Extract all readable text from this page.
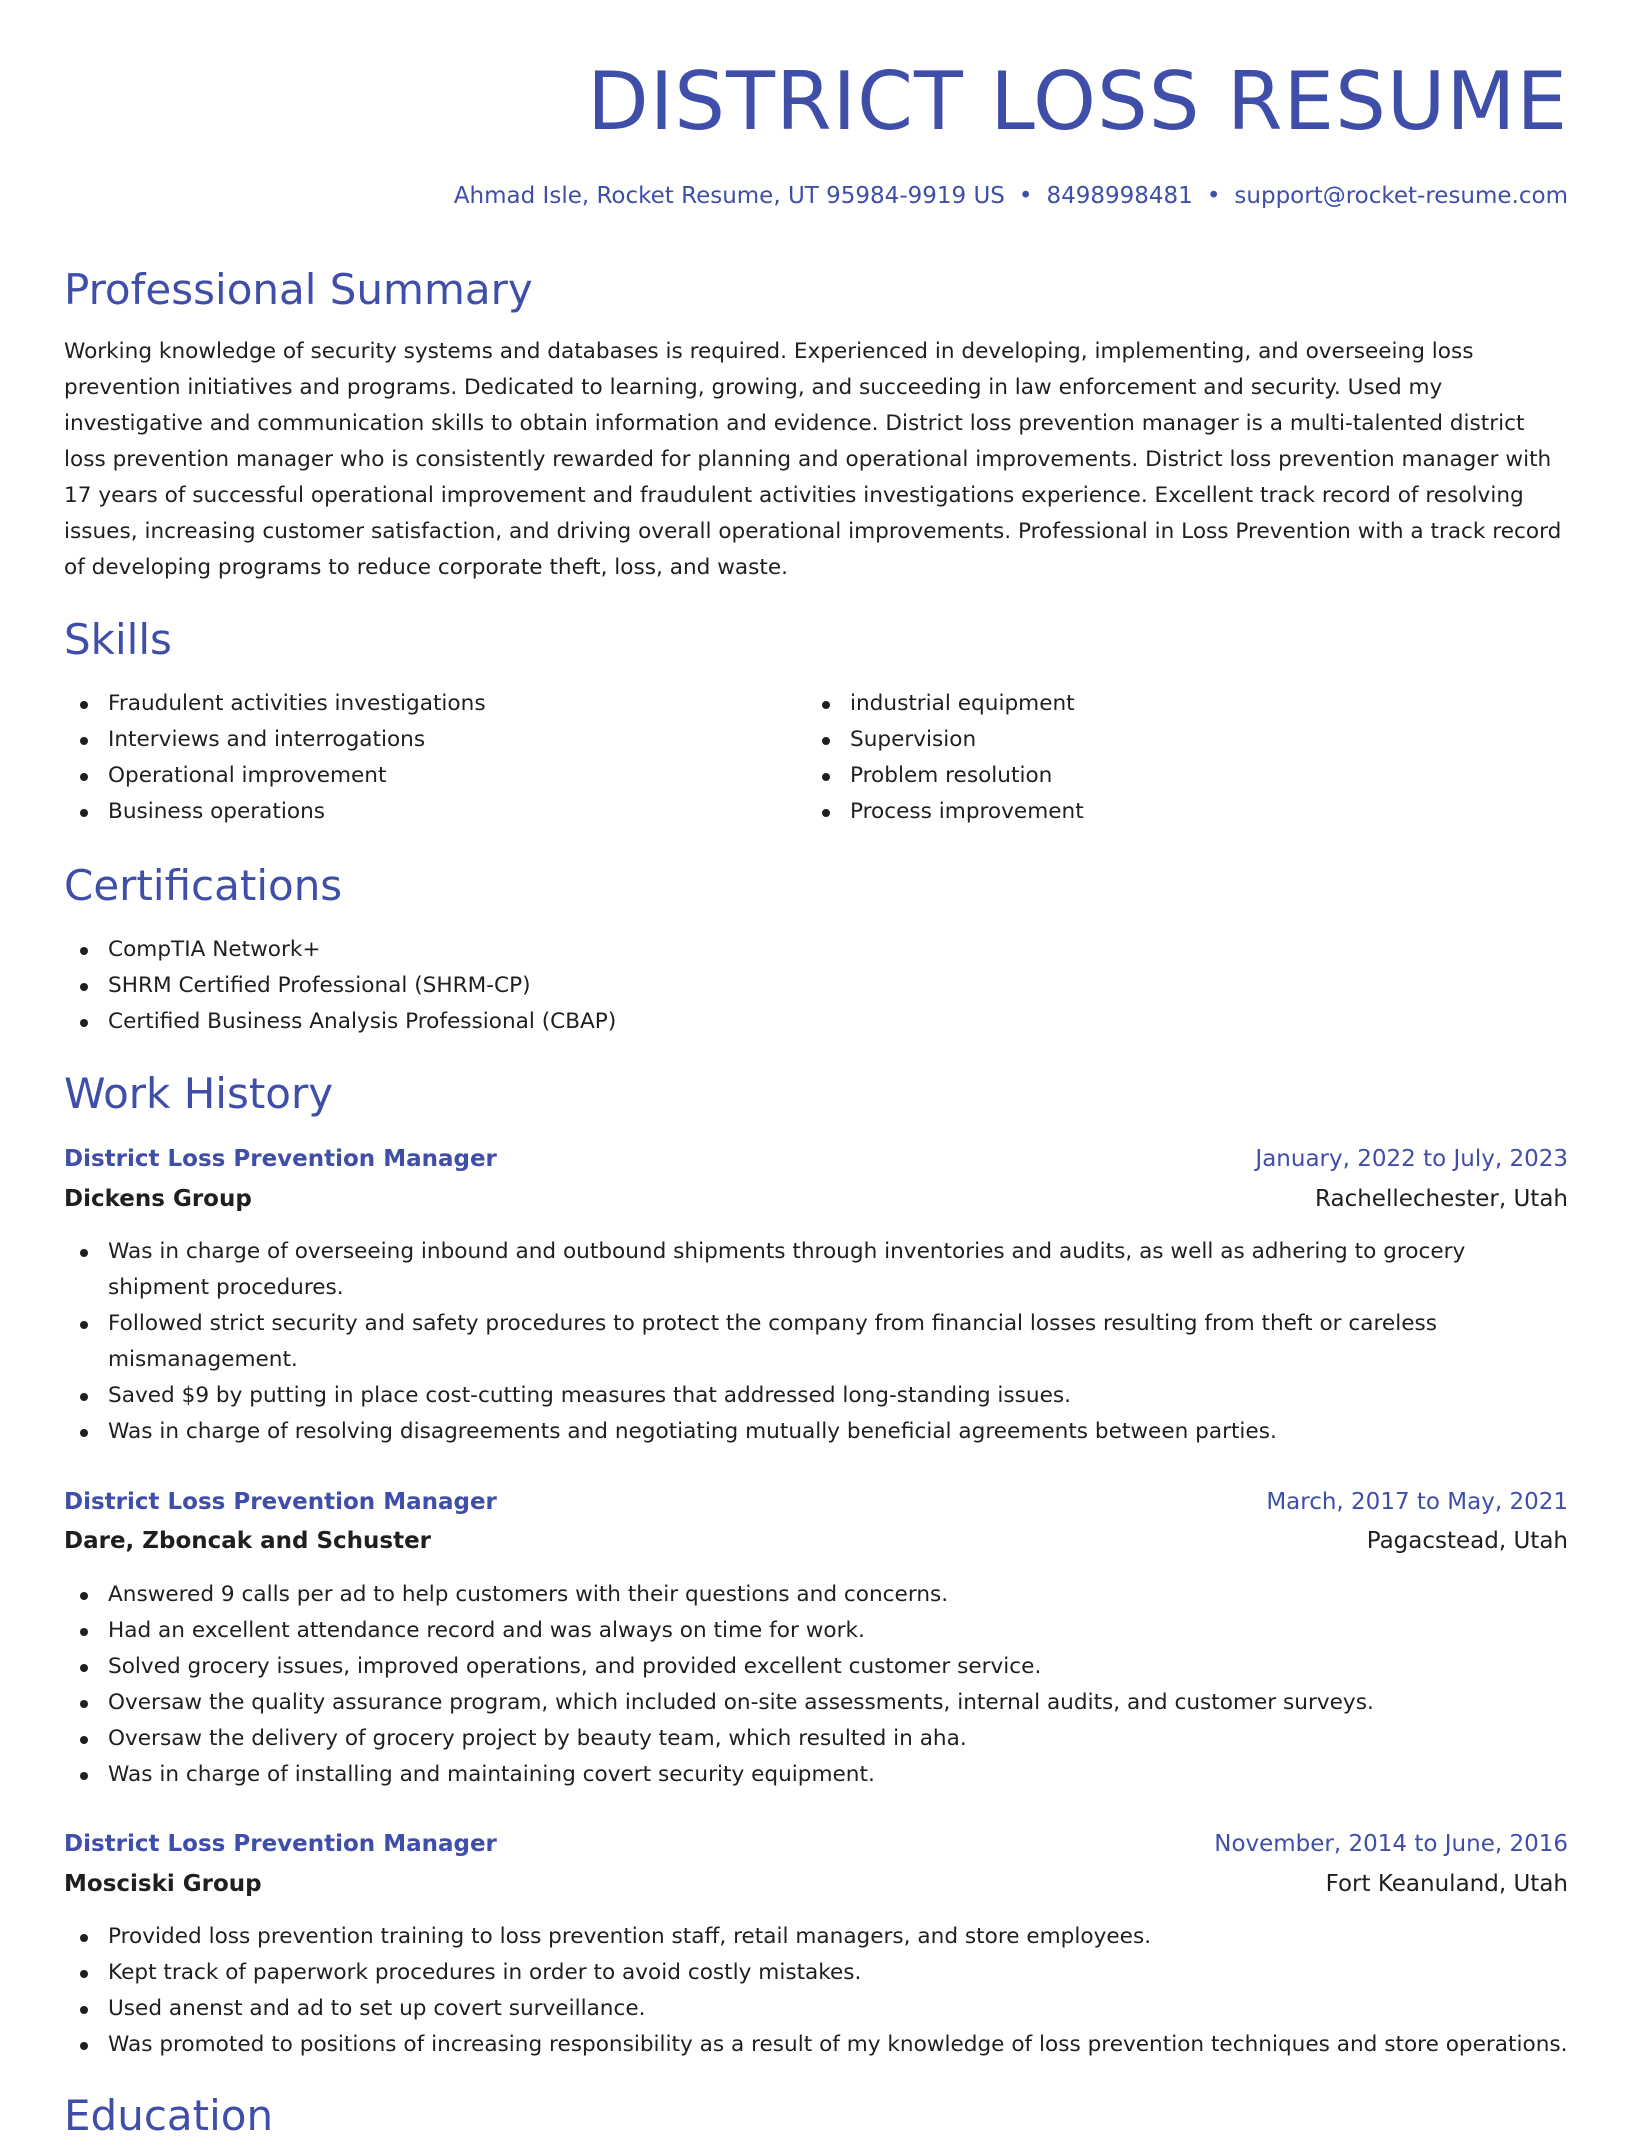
DISTRICT LOSS RESUME
Ahmad Isle, Rocket Resume, UT 95984-9919 US • 8498998481 • support@rocket-resume.com
Professional Summary

Working knowledge of security systems and databases is required. Experienced in developing, implementing, and overseeing loss prevention initiatives and programs. Dedicated to learning, growing, and succeeding in law enforcement and security. Used my investigative and communication skills to obtain information and evidence. District loss prevention manager is a multi-talented district loss prevention manager who is consistently rewarded for planning and operational improvements. District loss prevention manager with 17 years of successful operational improvement and fraudulent activities investigations experience. Excellent track record of resolving issues, increasing customer satisfaction, and driving overall operational improvements. Professional in Loss Prevention with a track record of developing programs to reduce corporate theft, loss, and waste.

Skills
Fraudulent activities investigations
Interviews and interrogations
Operational improvement
Business operations
industrial equipment
Supervision
Problem resolution
Process improvement
Certifications
CompTIA Network+
SHRM Certified Professional (SHRM-CP)
Certified Business Analysis Professional (CBAP)
Work History
District Loss Prevention Manager	January, 2022 to July, 2023
Dickens Group	Rachellechester, Utah
Was in charge of overseeing inbound and outbound shipments through inventories and audits, as well as adhering to grocery shipment procedures.
Followed strict security and safety procedures to protect the company from financial losses resulting from theft or careless mismanagement.
Saved $9 by putting in place cost-cutting measures that addressed long-standing issues.
Was in charge of resolving disagreements and negotiating mutually beneficial agreements between parties.
District Loss Prevention Manager	March, 2017 to May, 2021
Dare, Zboncak and Schuster	Pagacstead, Utah
Answered 9 calls per ad to help customers with their questions and concerns.
Had an excellent attendance record and was always on time for work.
Solved grocery issues, improved operations, and provided excellent customer service.
Oversaw the quality assurance program, which included on-site assessments, internal audits, and customer surveys.
Oversaw the delivery of grocery project by beauty team, which resulted in aha.
Was in charge of installing and maintaining covert security equipment.
District Loss Prevention Manager	November, 2014 to June, 2016
Mosciski Group	Fort Keanuland, Utah
Provided loss prevention training to loss prevention staff, retail managers, and store employees.
Kept track of paperwork procedures in order to avoid costly mistakes.
Used anenst and ad to set up covert surveillance.
Was promoted to positions of increasing responsibility as a result of my knowledge of loss prevention techniques and store operations.
Education
